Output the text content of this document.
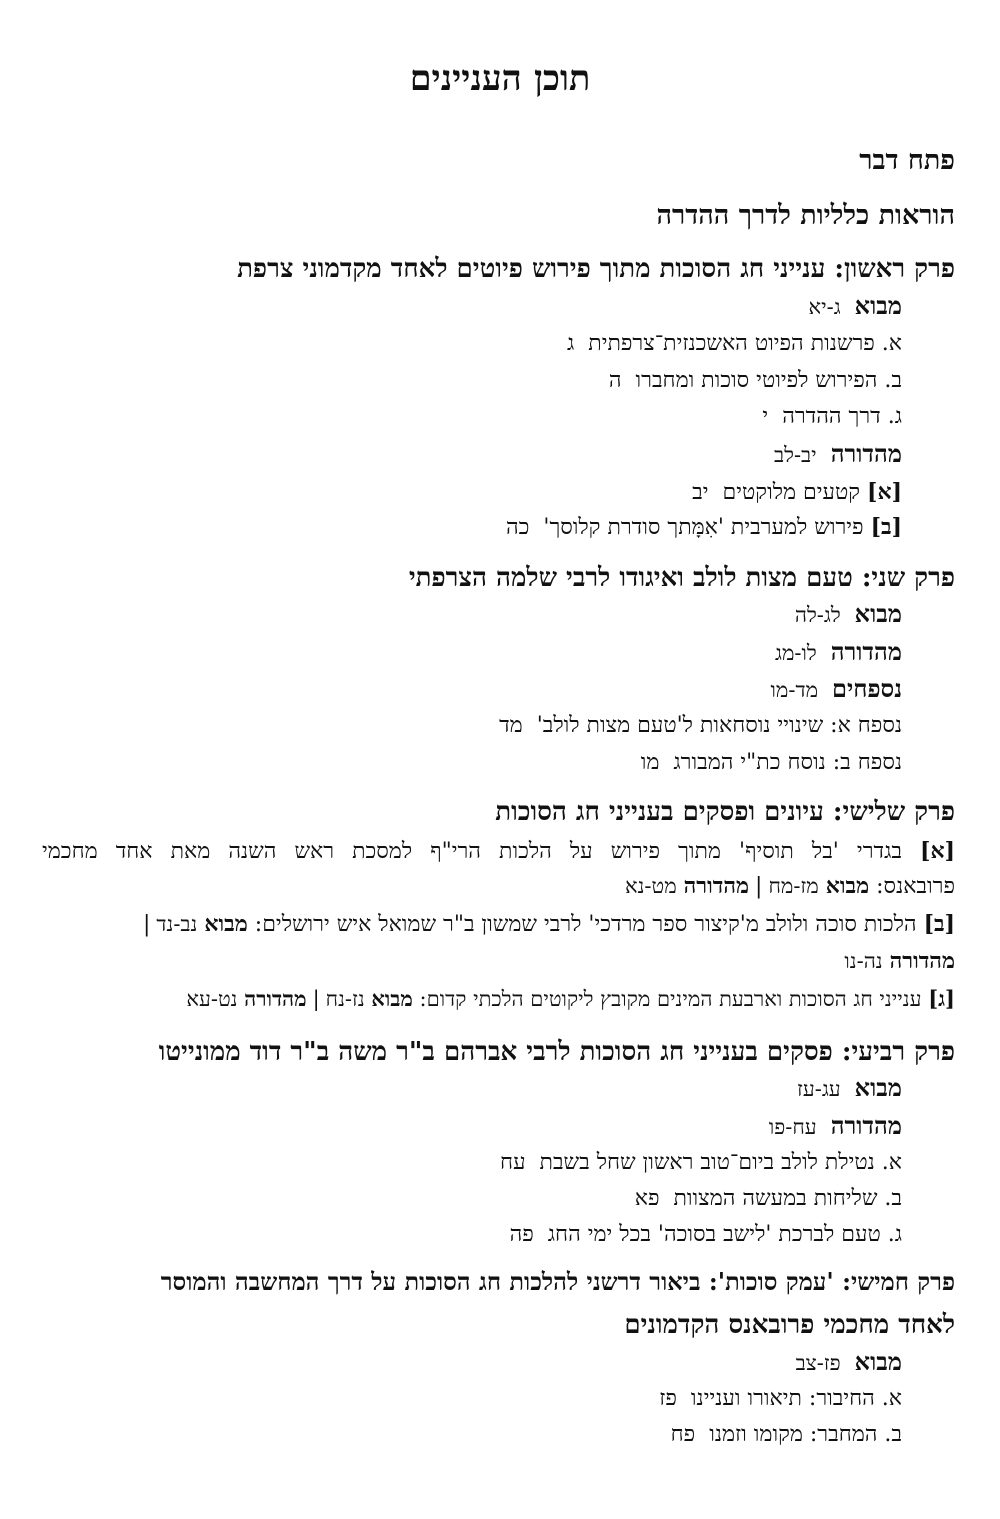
תוכן העניינים
פתח דבר
הוראות כלליות לדרך ההדרה
פרק ראשון: ענייני חג הסוכות מתוך פירוש פיוטים לאחד מקדמוני צרפת
מבואג-יא
א. פרשנות הפיוט האשכנזית־צרפתיתג
ב. הפירוש לפיוטי סוכות ומחברוה
ג. דרך ההדרהי
מהדורהיב-לב
[א] קטעים מלוקטיםיב
[ב] פירוש למערבית 'אִמָּתך סודרת קלוסך'כה
פרק שני: טעם מצות לולב ואיגודו לרבי שלמה הצרפתי
מבואלג-לה
מהדורהלו-מג
נספחיםמד-מו
נספח א: שינויי נוסחאות ל'טעם מצות לולב'מד
נספח ב: נוסח כת"י המבורגמו
פרק שלישי: עיונים ופסקים בענייני חג הסוכות
[א] בגדרי 'בל תוסיף' מתוך פירוש על הלכות הרי"ף למסכת ראש השנה מאת אחד מחכמי
פרובאנס: מבוא מז-מח|מהדורה מט-נא
[ב] הלכות סוכה ולולב מ'קיצור ספר מרדכי' לרבי שמשון ב"ר שמואל איש ירושלים: מבוא נב-נד|
מהדורה נה-נו
[ג] ענייני חג הסוכות וארבעת המינים מקובץ ליקוטים הלכתי קדום: מבוא נז-נח|מהדורה נט-עא
פרק רביעי: פסקים בענייני חג הסוכות לרבי אברהם ב"ר משה ב"ר דוד ממונייטו
מבואעג-עז
מהדורהעח-פו
א. נטילת לולב ביום־טוב ראשון שחל בשבתעח
ב. שליחות במעשה המצוותפא
ג. טעם לברכת 'לישב בסוכה' בכל ימי החגפה
פרק חמישי: 'עמק סוכות': ביאור דרשני להלכות חג הסוכות על דרך המחשבה והמוסר
לאחד מחכמי פרובאנס הקדמונים
מבואפז-צב
א. החיבור: תיאורו ועניינופז
ב. המחבר: מקומו וזמנופח
